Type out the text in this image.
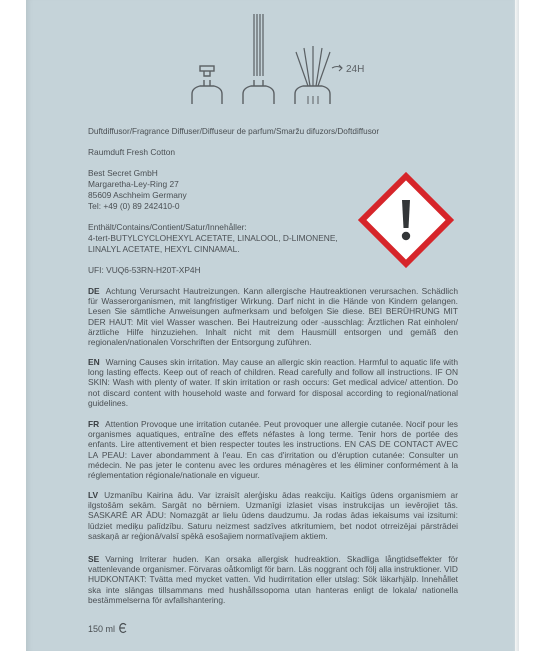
24H
Duftdiffusor/Fragrance Diffuser/Diffuseur de parfum/Smaržu difuzors/Doftdiffusor
Raumduft Fresh Cotton
Best Secret GmbH
Margaretha-Ley-Ring 27
85609 Aschheim Germany
Tel: +49 (0) 89 242410-0
Enthält/Contains/Contient/Satur/Innehåller:
4-tert-BUTYLCYCLOHEXYL ACETATE, LINALOOL, D-LIMONENE,
LINALYL ACETATE, HEXYL CINNAMAL.
UFI: VUQ6-53RN-H20T-XP4H
DE Achtung Verursacht Hautreizungen. Kann allergische Hautreaktionen verursachen. Schädlich für Wasserorganismen, mit langfristiger Wirkung. Darf nicht in die Hände von Kindern gelangen. Lesen Sie sämtliche Anweisungen aufmerksam und befolgen Sie diese. BEI BERÜHRUNG MIT DER HAUT: Mit viel Wasser waschen. Bei Hautreizung oder -ausschlag: Ärztlichen Rat einholen/ärztliche Hilfe hinzuziehen. Inhalt nicht mit dem Hausmüll entsorgen und gemäß den regionalen/nationalen Vorschriften der Entsorgung zuführen.
EN Warning Causes skin irritation. May cause an allergic skin reaction. Harmful to aquatic life with long lasting effects. Keep out of reach of children. Read carefully and follow all instructions. IF ON SKIN: Wash with plenty of water. If skin irritation or rash occurs: Get medical advice/ attention. Do not discard content with household waste and forward for disposal according to regional/national guidelines.
FR Attention Provoque une irritation cutanée. Peut provoquer une allergie cutanée. Nocif pour les organismes aquatiques, entraîne des effets néfastes à long terme. Tenir hors de portée des enfants. Lire attentivement et bien respecter toutes les instructions. EN CAS DE CONTACT AVEC LA PEAU: Laver abondamment à l'eau. En cas d'irritation ou d'éruption cutanée: Consulter un médecin. Ne pas jeter le contenu avec les ordures ménagères et les éliminer conformément à la réglementation régionale/nationale en vigueur.
LV Uzmanību Kairina ādu. Var izraisīt alerģisku ādas reakciju. Kaitīgs ūdens organismiem ar ilgstošām sekām. Sargāt no bērniem. Uzmanīgi izlasiet visas instrukcijas un ievērojiet tās. SASKARĒ AR ĀDU: Nomazgāt ar lielu ūdens daudzumu. Ja rodas ādas iekaisums vai izsitumi: lūdziet mediķu palīdzību. Saturu neizmest sadzīves atkritumiem, bet nodot otrreizējai pārstrādei saskaņā ar reģionā/valsī spēkā esošajiem normatīvajiem aktiem.
SE Varning Irriterar huden. Kan orsaka allergisk hudreaktion. Skadliga långtidseffekter för vattenlevande organismer. Förvaras oåtkomligt för barn. Läs noggrant och följ alla instruktioner. VID HUDKONTAKT: Tvätta med mycket vatten. Vid hudirritation eller utslag: Sök läkarhjälp. Innehållet ska inte slängas tillsammans med hushållssopoma utan hanteras enligt de lokala/ nationella bestämmelserna för avfallshantering.
150 ml
